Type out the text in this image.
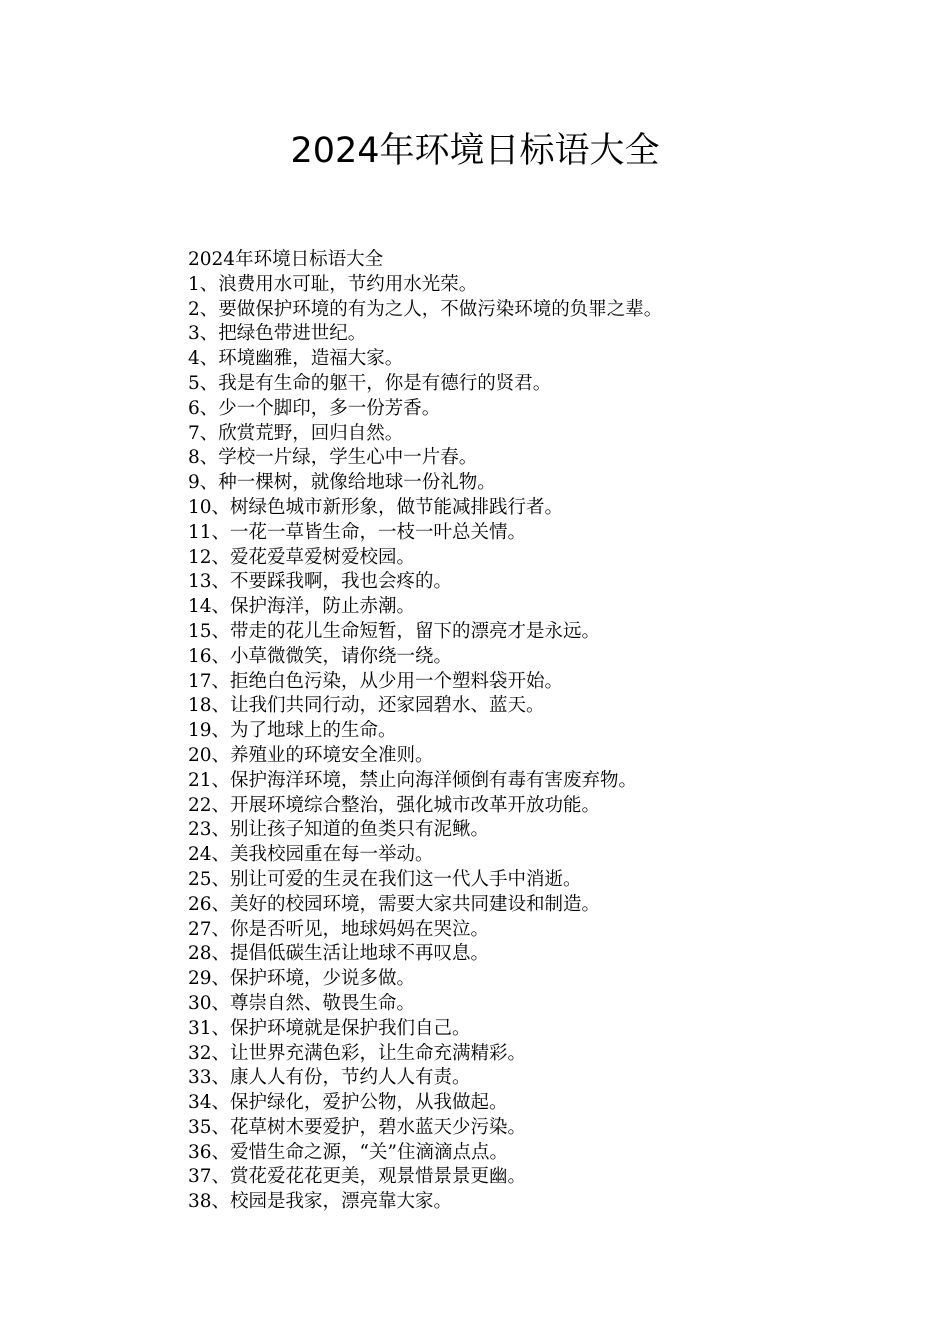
2024年环境日标语大全

2024年环境日标语大全

1、浪费用水可耻，节约用水光荣。
2、要做保护环境的有为之人，不做污染环境的负罪之辈。
3、把绿色带进世纪。
4、环境幽雅，造福大家。
5、我是有生命的躯干，你是有德行的贤君。
6、少一个脚印，多一份芳香。
7、欣赏荒野，回归自然。
8、学校一片绿，学生心中一片春。
9、种一棵树，就像给地球一份礼物。
10、树绿色城市新形象，做节能减排践行者。
11、一花一草皆生命，一枝一叶总关情。
12、爱花爱草爱树爱校园。
13、不要踩我啊，我也会疼的。
14、保护海洋，防止赤潮。
15、带走的花儿生命短暂，留下的漂亮才是永远。
16、小草微微笑，请你绕一绕。
17、拒绝白色污染，从少用一个塑料袋开始。
18、让我们共同行动，还家园碧水、蓝天。
19、为了地球上的生命。
20、养殖业的环境安全准则。
21、保护海洋环境，禁止向海洋倾倒有毒有害废弃物。
22、开展环境综合整治，强化城市改革开放功能。
23、别让孩子知道的鱼类只有泥鳅。
24、美我校园重在每一举动。
25、别让可爱的生灵在我们这一代人手中消逝。
26、美好的校园环境，需要大家共同建设和制造。
27、你是否听见，地球妈妈在哭泣。
28、提倡低碳生活让地球不再叹息。
29、保护环境，少说多做。
30、尊崇自然、敬畏生命。
31、保护环境就是保护我们自己。
32、让世界充满色彩，让生命充满精彩。
33、康人人有份，节约人人有责。
34、保护绿化，爱护公物，从我做起。
35、花草树木要爱护，碧水蓝天少污染。
36、爱惜生命之源，“关”住滴滴点点。
37、赏花爱花花更美，观景惜景景更幽。
38、校园是我家，漂亮靠大家。
